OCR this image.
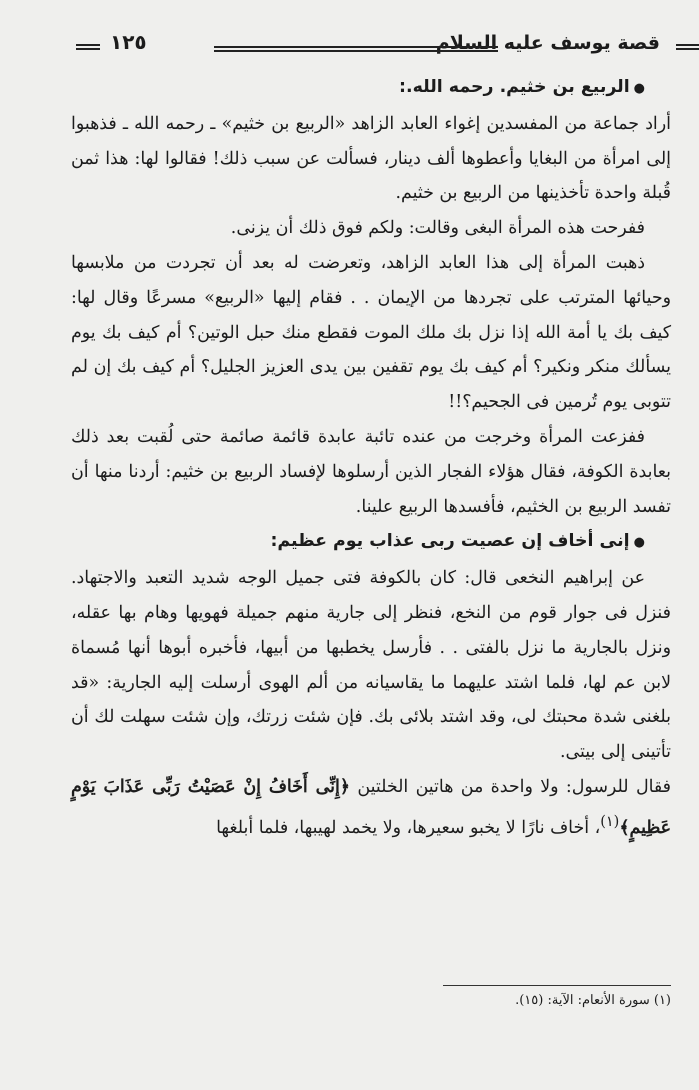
قصة يوسف عليه السلام
١٢٥

●الربيع بن خثيم. رحمه الله.:

أراد جماعة من المفسدين إغواء العابد الزاهد «الربيع بن خثيم» ـ رحمه الله ـ فذهبوا إلى امرأة من البغايا وأعطوها ألف دينار، فسألت عن سبب ذلك! فقالوا لها: هذا ثمن قُبلة واحدة تأخذينها من الربيع بن خثيم.

ففرحت هذه المرأة البغى وقالت: ولكم فوق ذلك أن يزنى.

ذهبت المرأة إلى هذا العابد الزاهد، وتعرضت له بعد أن تجردت من ملابسها وحيائها المترتب على تجردها من الإيمان . . فقام إليها «الربيع» مسرعًا وقال لها: كيف بك يا أمة الله إذا نزل بك ملك الموت فقطع منك حبل الوتين؟ أم كيف بك يوم يسألك منكر ونكير؟ أم كيف بك يوم تقفين بين يدى العزيز الجليل؟ أم كيف بك إن لم تتوبى يوم تُرمين فى الجحيم؟!!

ففزعت المرأة وخرجت من عنده تائبة عابدة قائمة صائمة حتى لُقبت بعد ذلك بعابدة الكوفة، فقال هؤلاء الفجار الذين أرسلوها لإفساد الربيع بن خثيم: أردنا منها أن تفسد الربيع بن الخثيم، فأفسدها الربيع علينا.

●إنى أخاف إن عصيت ربى عذاب يوم عظيم:

عن إبراهيم النخعى قال: كان بالكوفة فتى جميل الوجه شديد التعبد والاجتهاد. فنزل فى جوار قوم من النخع، فنظر إلى جارية منهم جميلة فهويها وهام بها عقله، ونزل بالجارية ما نزل بالفتى . . فأرسل يخطبها من أبيها، فأخبره أبوها أنها مُسماة لابن عم لها، فلما اشتد عليهما ما يقاسيانه من ألم الهوى أرسلت إليه الجارية: «قد بلغنى شدة محبتك لى، وقد اشتد بلائى بك. فإن شئت زرتك، وإن شئت سهلت لك أن تأتينى إلى بيتى.

فقال للرسول: ولا واحدة من هاتين الخلتين ﴿إِنِّى أَخَافُ إِنْ عَصَيْتُ رَبِّى عَذَابَ يَوْمٍ عَظِيمٍ﴾$^{(١)}$، أخاف نارًا لا يخبو سعيرها، ولا يخمد لهيبها، فلما أبلغها

(١) سورة الأنعام: الآية: (١٥).
